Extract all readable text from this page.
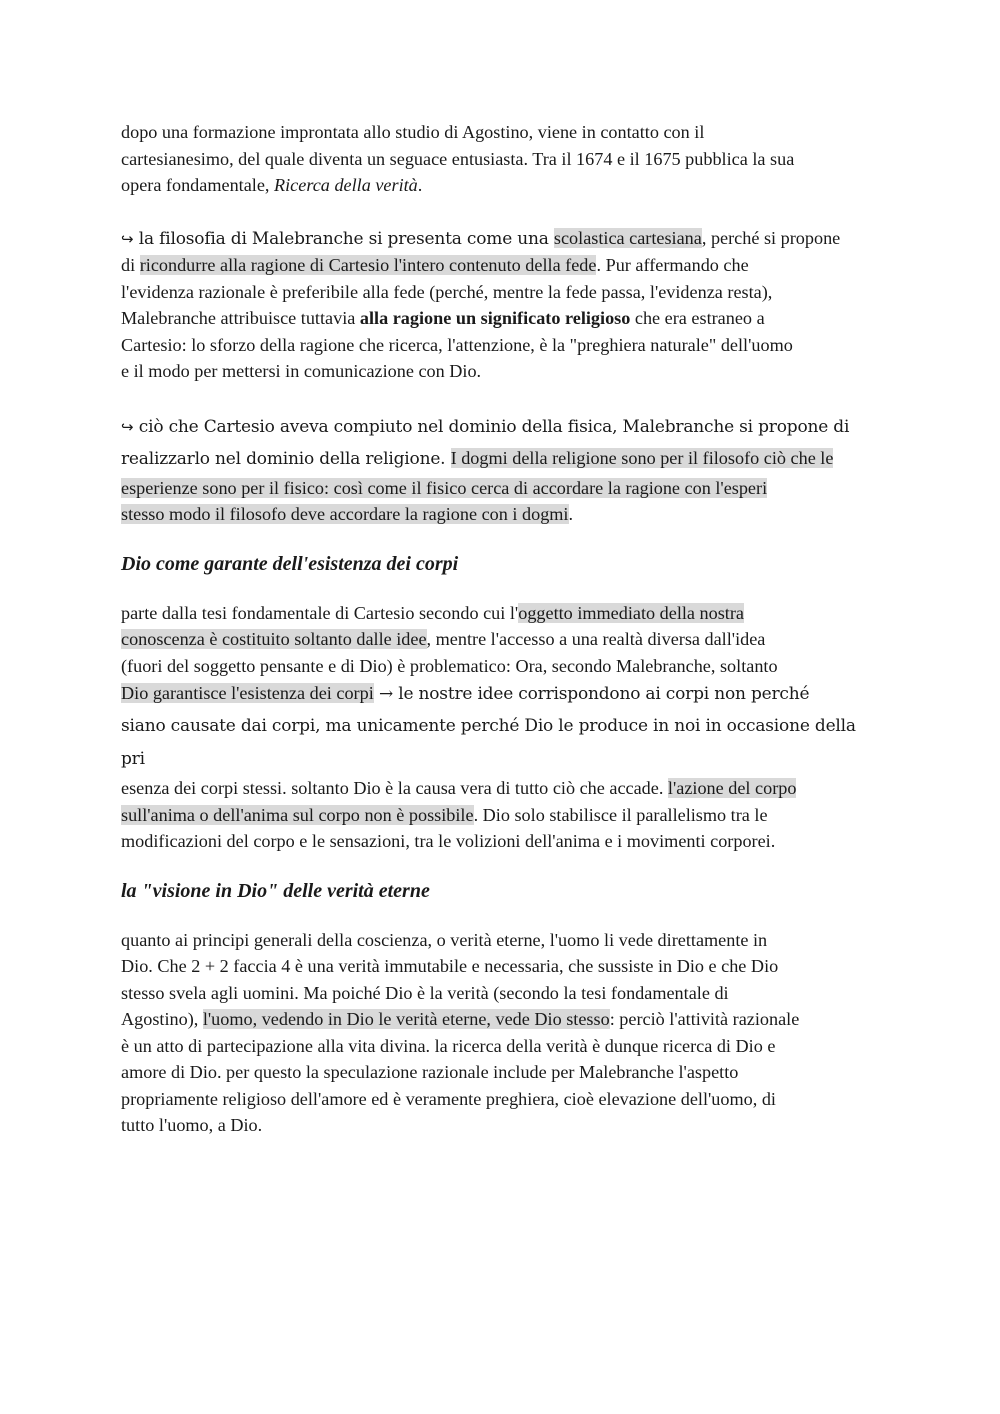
dopo una formazione improntata allo studio di Agostino, viene in contatto con il
cartesianesimo, del quale diventa un seguace entusiasta. Tra il 1674 e il 1675 pubblica la sua
opera fondamentale, Ricerca della verità.
↪ la filosofia di Malebranche si presenta come una scolastica cartesiana, perché si propone
di ricondurre alla ragione di Cartesio l'intero contenuto della fede. Pur affermando che
l'evidenza razionale è preferibile alla fede (perché, mentre la fede passa, l'evidenza resta),
Malebranche attribuisce tuttavia alla ragione un significato religioso che era estraneo a
Cartesio: lo sforzo della ragione che ricerca, l'attenzione, è la "preghiera naturale" dell'uomo
e il modo per mettersi in comunicazione con Dio.
↪ ciò che Cartesio aveva compiuto nel dominio della fisica, Malebranche si propone di
realizzarlo nel dominio della religione. I dogmi della religione sono per il filosofo ciò che le
esperienze sono per il fisico: così come il fisico cerca di accordare la ragione con l'esperi
stesso modo il filosofo deve accordare la ragione con i dogmi.
Dio come garante dell'esistenza dei corpi
parte dalla tesi fondamentale di Cartesio secondo cui l'oggetto immediato della nostra
conoscenza è costituito soltanto dalle idee, mentre l'accesso a una realtà diversa dall'idea
(fuori del soggetto pensante e di Dio) è problematico: Ora, secondo Malebranche, soltanto
Dio garantisce l'esistenza dei corpi → le nostre idee corrispondono ai corpi non perché
siano causate dai corpi, ma unicamente perché Dio le produce in noi in occasione della
pri
esenza dei corpi stessi. soltanto Dio è la causa vera di tutto ciò che accade. l'azione del corpo
sull'anima o dell'anima sul corpo non è possibile. Dio solo stabilisce il parallelismo tra le
modificazioni del corpo e le sensazioni, tra le volizioni dell'anima e i movimenti corporei.
la "visione in Dio" delle verità eterne
quanto ai principi generali della coscienza, o verità eterne, l'uomo li vede direttamente in
Dio. Che 2 + 2 faccia 4 è una verità immutabile e necessaria, che sussiste in Dio e che Dio
stesso svela agli uomini. Ma poiché Dio è la verità (secondo la tesi fondamentale di
Agostino), l'uomo, vedendo in Dio le verità eterne, vede Dio stesso: perciò l'attività razionale
è un atto di partecipazione alla vita divina. la ricerca della verità è dunque ricerca di Dio e
amore di Dio. per questo la speculazione razionale include per Malebranche l'aspetto
propriamente religioso dell'amore ed è veramente preghiera, cioè elevazione dell'uomo, di
tutto l'uomo, a Dio.
